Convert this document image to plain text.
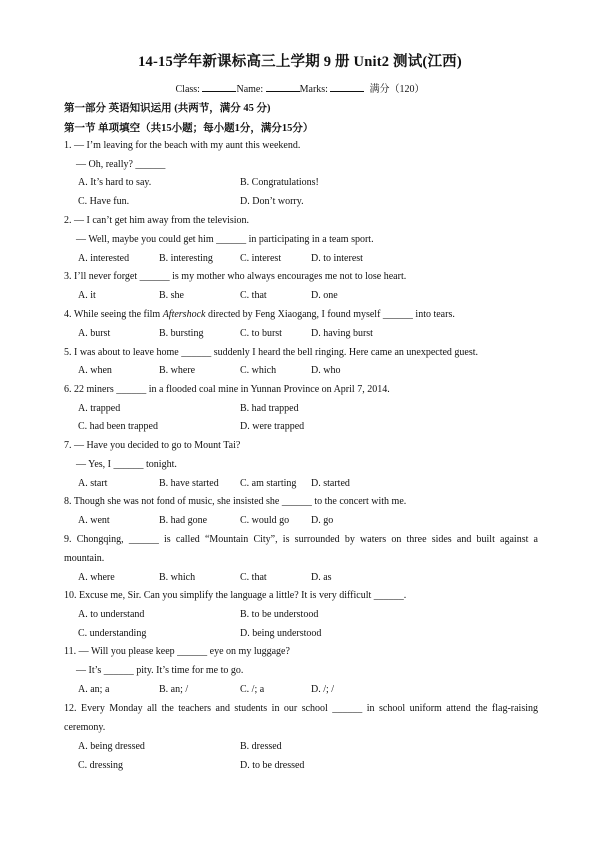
14-15学年新课标高三上学期 9 册 Unit2 测试(江西)
Class:	Name:	Marks:	满分（120）
第一部分 英语知识运用 (共两节，满分 45 分)
第一节 单项填空（共15小题；每小题1分，满分15分）
1. — I’m leaving for the beach with my aunt this weekend.
— Oh, really? ______
A. It’s hard to say.	B. Congratulations!
C. Have fun.	D. Don’t worry.
2. — I can’t get him away from the television.
— Well, maybe you could get him ______ in participating in a team sport.
A. interested	B. interesting	C. interest	D. to interest
3. I’ll never forget ______ is my mother who always encourages me not to lose heart.
A. it	B. she	C. that	D. one
4. While seeing the film Aftershock directed by Feng Xiaogang, I found myself ______ into tears.
A. burst	B. bursting	C. to burst	D. having burst
5. I was about to leave home ______ suddenly I heard the bell ringing. Here came an unexpected guest.
A. when	B. where	C. which	D. who
6. 22 miners ______ in a flooded coal mine in Yunnan Province on April 7, 2014.
A. trapped	B. had trapped
C. had been trapped	D. were trapped
7. — Have you decided to go to Mount Tai?
— Yes, I ______ tonight.
A. start	B. have started C. am starting D. started
8. Though she was not fond of music, she insisted she ______ to the concert with me.
A. went	B. had gone	C. would go D. go
9. Chongqing, ______ is called “Mountain City”, is surrounded by waters on three sides and built against a
mountain.
A. where	B. which	C. that	D. as
10. Excuse me, Sir. Can you simplify the language a little? It is very difficult ______.
A. to understand	B. to be understood
C. understanding	D. being understood
11. — Will you please keep ______ eye on my luggage?
— It’s ______ pity. It’s time for me to go.
A. an; a	B. an; /	C. /; a	D. /; /
12. Every Monday all the teachers and students in our school ______ in school uniform attend the flag-raising
ceremony.
A. being dressed	B. dressed
C. dressing	D. to be dressed
